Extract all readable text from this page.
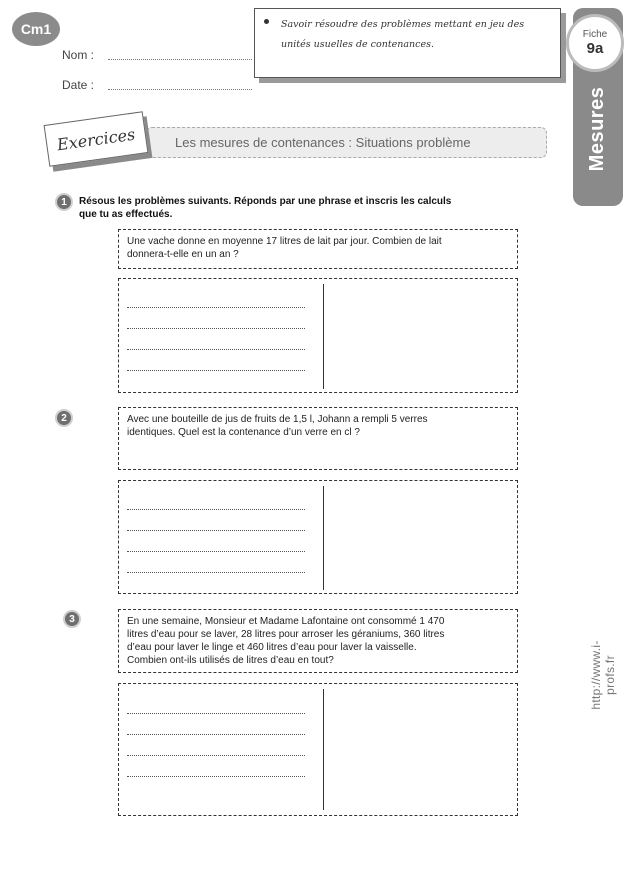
Cm1
Nom :
Date :
Savoir résoudre des problèmes mettant en jeu des unités usuelles de contenances.
Fiche
9a
Mesures
Les mesures de contenances : Situations problème
Exercices
1	Résous les problèmes suivants. Réponds par une phrase et inscris les calculs
que tu as effectués.
Une vache donne en moyenne 17 litres de lait par jour. Combien de lait
donnera-t-elle en un an ?
2	Avec une bouteille de jus de fruits de 1,5 l, Johann a rempli 5 verres
identiques. Quel est la contenance d’un verre en cl ?
3	En une semaine, Monsieur et Madame Lafontaine ont consommé 1 470
litres d’eau pour se laver, 28 litres pour arroser les géraniums, 360 litres
d’eau pour laver le linge et 460 litres d’eau pour laver la vaisselle.
Combien ont-ils utilisés de litres d’eau en tout?	http://www.i-profs.fr
